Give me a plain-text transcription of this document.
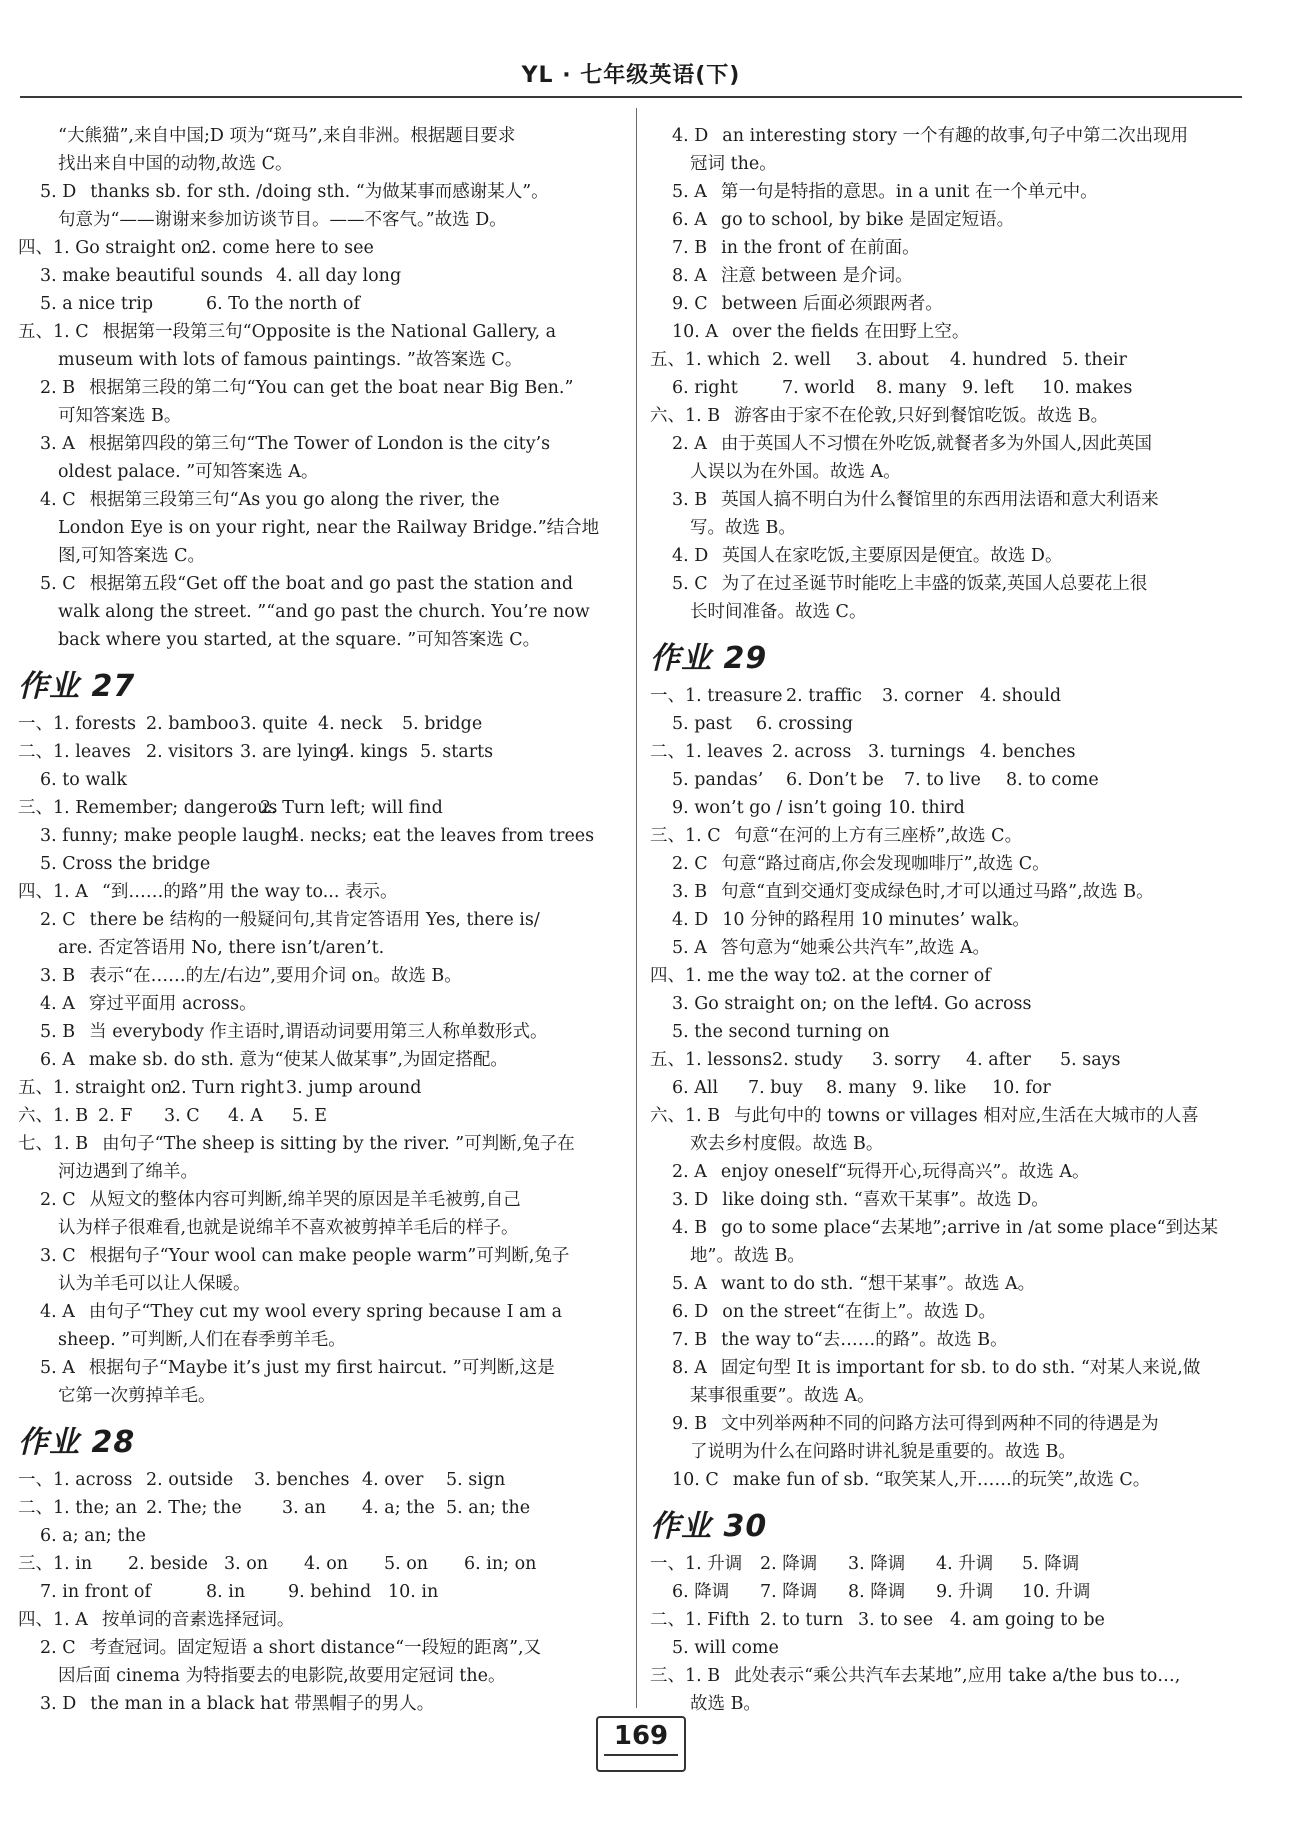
YL · 七年级英语(下)
“大熊猫”,来自中国;D 项为“斑马”,来自非洲。根据题目要求
找出来自中国的动物,故选 C。
5. D thanks sb. for sth. /doing sth. “为做某事而感谢某人”。
句意为“——谢谢来参加访谈节目。——不客气。”故选 D。
四、1. Go straight on
2. come here to see
3. make beautiful sounds 4. all day long
5. a nice trip	6. To the north of
五、1. C 根据第一段第三句“Opposite is the National Gallery, a
museum with lots of famous paintings. ”故答案选 C。
2. B 根据第三段的第二句“You can get the boat near Big Ben.”
可知答案选 B。
3. A 根据第四段的第三句“The Tower of London is the city’s
oldest palace. ”可知答案选 A。
4. C 根据第三段第三句“As you go along the river, the
London Eye is on your right, near the Railway Bridge.”结合地
图,可知答案选 C。
5. C 根据第五段“Get off the boat and go past the station and
walk along the street. ”“and go past the church. You’re now
back where you started, at the square. ”可知答案选 C。
作业 27
一、1. forests 2. bamboo 3. quite 4. neck 5. bridge
二、1. leaves 2. visitors 3. are lying
4. kings 5. starts
6. to walk
三、1. Remember; dangerous
2. Turn left; will find
3. funny; make people laugh
4. necks; eat the leaves from trees
5. Cross the bridge
四、1. A “到……的路”用 the way to... 表示。
2. C there be 结构的一般疑问句,其肯定答语用 Yes, there is/
are. 否定答语用 No, there isn’t/aren’t.
3. B 表示“在……的左/右边”,要用介词 on。故选 B。
4. A 穿过平面用 across。
5. B 当 everybody 作主语时,谓语动词要用第三人称单数形式。
6. A make sb. do sth. 意为“使某人做某事”,为固定搭配。
五、1. straight on
2. Turn right 3. jump around
六、1. B 2. F 3. C 4. A 5. E
七、1. B 由句子“The sheep is sitting by the river. ”可判断,兔子在
河边遇到了绵羊。
2. C 从短文的整体内容可判断,绵羊哭的原因是羊毛被剪,自己
认为样子很难看,也就是说绵羊不喜欢被剪掉羊毛后的样子。
3. C 根据句子“Your wool can make people warm”可判断,兔子
认为羊毛可以让人保暖。
4. A 由句子“They cut my wool every spring because I am a
sheep. ”可判断,人们在春季剪羊毛。
5. A 根据句子“Maybe it’s just my first haircut. ”可判断,这是
它第一次剪掉羊毛。
作业 28
一、1. across 2. outside 3. benches 4. over 5. sign
二、1. the; an 2. The; the 3. an 4. a; the 5. an; the
6. a; an; the
三、1. in 2. beside 3. on 4. on 5. on 6. in; on
7. in front of	8. in 9. behind 10. in
四、1. A 按单词的音素选择冠词。
2. C 考查冠词。固定短语 a short distance“一段短的距离”,又
因后面 cinema 为特指要去的电影院,故要用定冠词 the。
3. D the man in a black hat 带黑帽子的男人。
4. D an interesting story 一个有趣的故事,句子中第二次出现用
冠词 the。
5. A 第一句是特指的意思。in a unit 在一个单元中。
6. A go to school, by bike 是固定短语。
7. B in the front of 在前面。
8. A 注意 between 是介词。
9. C between 后面必须跟两者。
10. A over the fields 在田野上空。
五、1. which 2. well 3. about 4. hundred 5. their
6. right	7. world 8. many 9. left 10. makes
六、1. B 游客由于家不在伦敦,只好到餐馆吃饭。故选 B。
2. A 由于英国人不习惯在外吃饭,就餐者多为外国人,因此英国
人误以为在外国。故选 A。
3. B 英国人搞不明白为什么餐馆里的东西用法语和意大利语来
写。故选 B。
4. D 英国人在家吃饭,主要原因是便宜。故选 D。
5. C 为了在过圣诞节时能吃上丰盛的饭菜,英国人总要花上很
长时间准备。故选 C。
作业 29
一、1. treasure 2. traffic 3. corner 4. should
5. past 6. crossing
二、1. leaves 2. across 3. turnings 4. benches
5. pandas’ 6. Don’t be 7. to live 8. to come
9. won’t go / isn’t going 10. third
三、1. C 句意“在河的上方有三座桥”,故选 C。
2. C 句意“路过商店,你会发现咖啡厅”,故选 C。
3. B 句意“直到交通灯变成绿色时,才可以通过马路”,故选 B。
4. D 10 分钟的路程用 10 minutes’ walk。
5. A 答句意为“她乘公共汽车”,故选 A。
四、1. me the way to
2. at the corner of
3. Go straight on; on the left
4. Go across
5. the second turning on
五、1. lessons 2. study 3. sorry 4. after 5. says
6. All 7. buy 8. many 9. like 10. for
六、1. B 与此句中的 towns or villages 相对应,生活在大城市的人喜
欢去乡村度假。故选 B。
2. A enjoy oneself“玩得开心,玩得高兴”。故选 A。
3. D like doing sth. “喜欢干某事”。故选 D。
4. B go to some place“去某地”;arrive in /at some place“到达某
地”。故选 B。
5. A want to do sth. “想干某事”。故选 A。
6. D on the street“在街上”。故选 D。
7. B the way to“去……的路”。故选 B。
8. A 固定句型 It is important for sb. to do sth. “对某人来说,做
某事很重要”。故选 A。
9. B 文中列举两种不同的问路方法可得到两种不同的待遇是为
了说明为什么在问路时讲礼貌是重要的。故选 B。
10. C make fun of sb. “取笑某人,开……的玩笑”,故选 C。
作业 30
一、1. 升调 2. 降调 3. 降调 4. 升调 5. 降调
6. 降调 7. 降调 8. 降调 9. 升调 10. 升调
二、1. Fifth 2. to turn 3. to see 4. am going to be
5. will come
三、1. B 此处表示“乘公共汽车去某地”,应用 take a/the bus to…,
故选 B。
169
